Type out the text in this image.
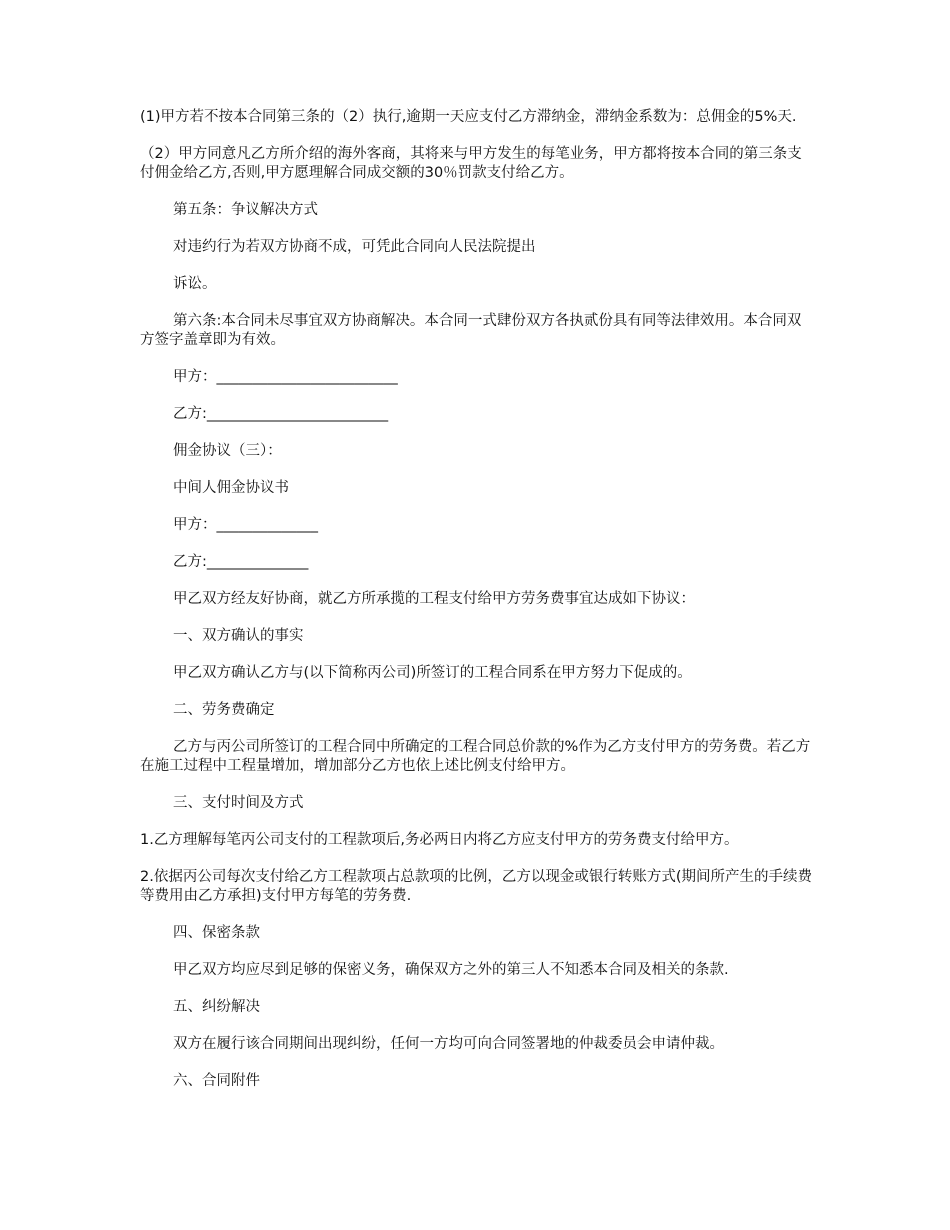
(1)甲方若不按本合同第三条的（2）执行,逾期一天应支付乙方滞纳金，滞纳金系数为：总佣金的5%天.

（2）甲方同意凡乙方所介绍的海外客商，其将来与甲方发生的每笔业务，甲方都将按本合同的第三条支付佣金给乙方,否则,甲方愿理解合同成交额的30％罚款支付给乙方。

第五条：争议解决方式

对违约行为若双方协商不成，可凭此合同向人民法院提出

诉讼。

第六条:本合同未尽事宜双方协商解决。本合同一式肆份双方各执贰份具有同等法律效用。本合同双方签字盖章即为有效。

甲方：_________________________

乙方:_________________________

佣金协议（三）：

中间人佣金协议书

甲方：______________

乙方:______________

甲乙双方经友好协商，就乙方所承揽的工程支付给甲方劳务费事宜达成如下协议：

一、双方确认的事实

甲乙双方确认乙方与(以下简称丙公司)所签订的工程合同系在甲方努力下促成的。

二、劳务费确定

乙方与丙公司所签订的工程合同中所确定的工程合同总价款的%作为乙方支付甲方的劳务费。若乙方在施工过程中工程量增加，增加部分乙方也依上述比例支付给甲方。

三、支付时间及方式

1.乙方理解每笔丙公司支付的工程款项后,务必两日内将乙方应支付甲方的劳务费支付给甲方。

2.依据丙公司每次支付给乙方工程款项占总款项的比例，乙方以现金或银行转账方式(期间所产生的手续费等费用由乙方承担)支付甲方每笔的劳务费.

四、保密条款

甲乙双方均应尽到足够的保密义务，确保双方之外的第三人不知悉本合同及相关的条款.

五、纠纷解决

双方在履行该合同期间出现纠纷，任何一方均可向合同签署地的仲裁委员会申请仲裁。

六、合同附件
